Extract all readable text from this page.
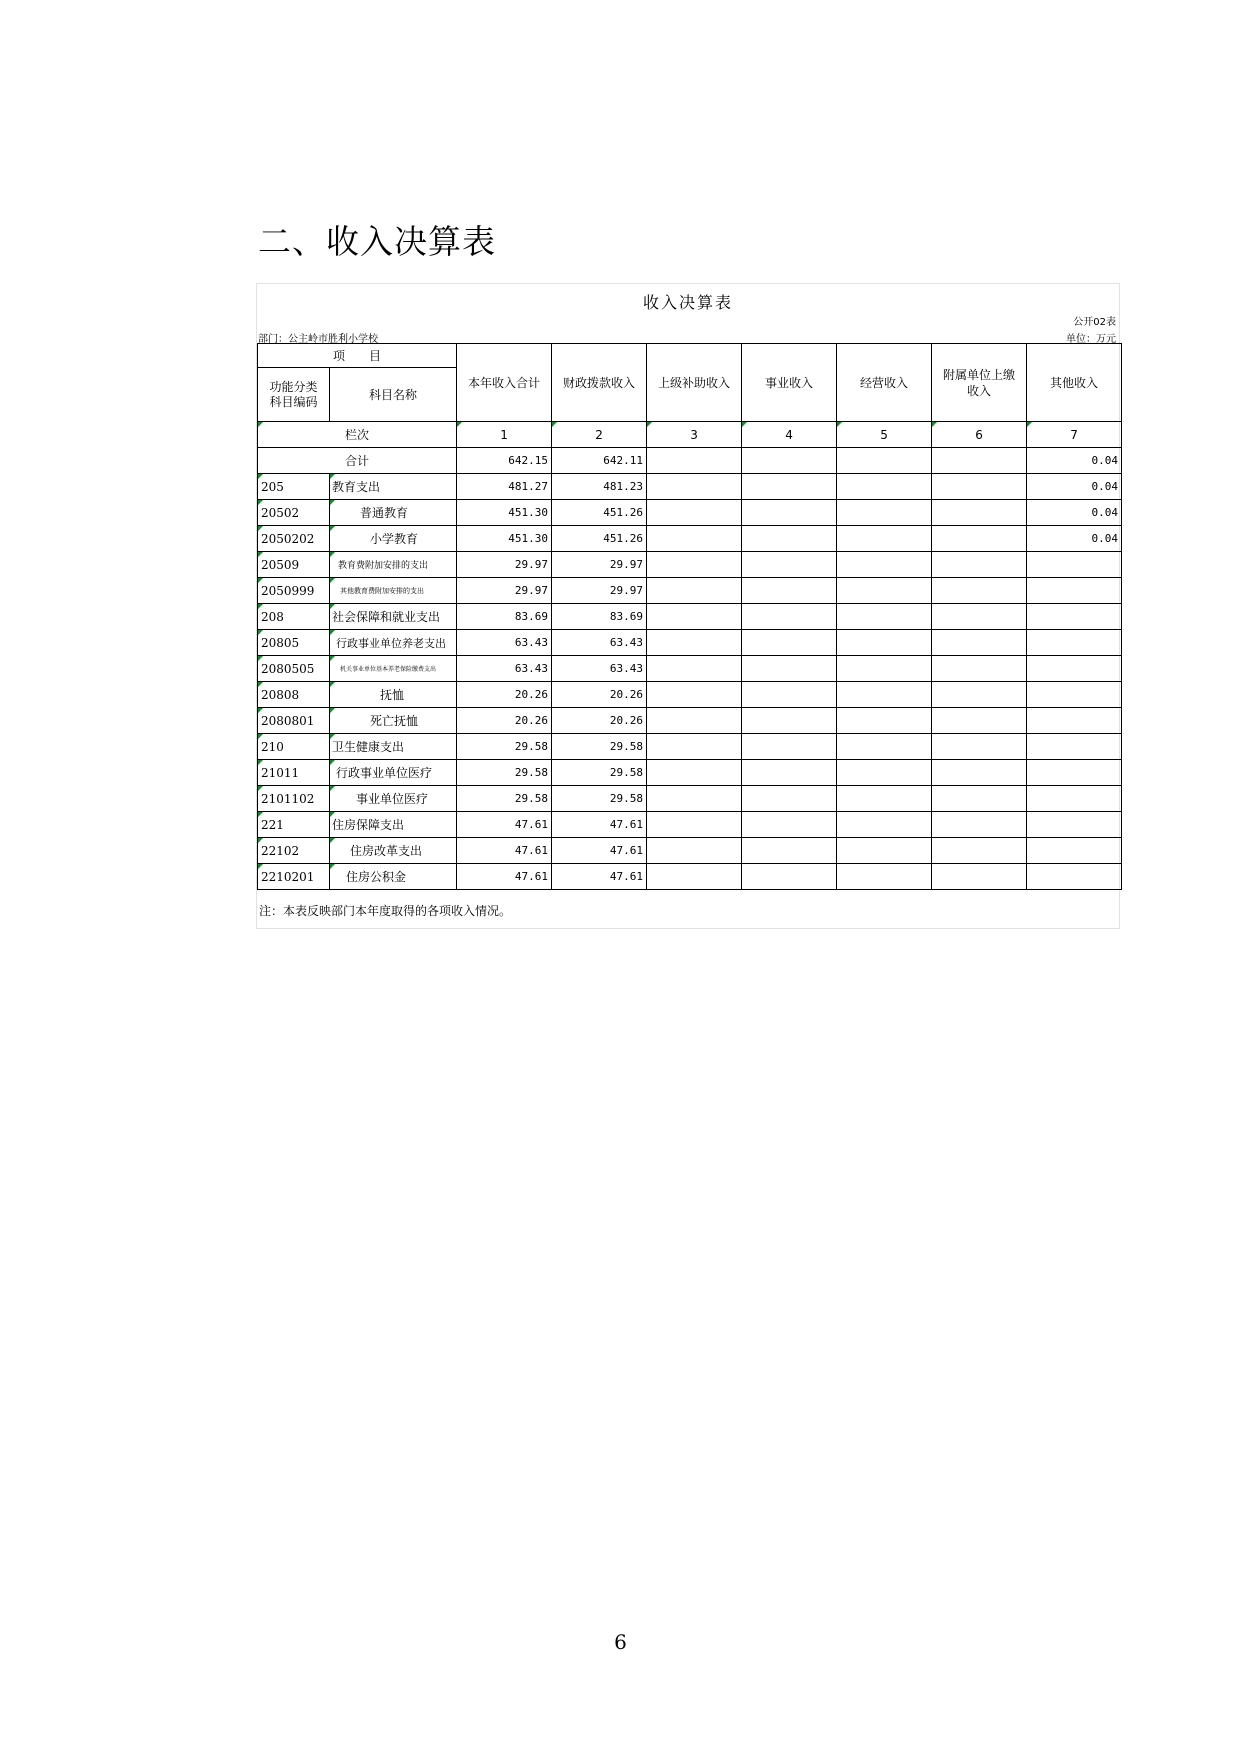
二、收入决算表
收入决算表
公开02表
部门：公主岭市胜利小学校	单位：万元
项　　目		本年收入合计	财政拨款收入	上级补助收入	事业收入	经营收入	附属单位上缴收入	其他收入
功能分类
科目编码	科目名称							
栏次		1	2	3	4	5	6	7
合计		642.15	642.11					0.04
205	教育支出	481.27	481.23					0.04
20502	普通教育	451.30	451.26					0.04
2050202	小学教育	451.30	451.26					0.04
20509	教育费附加安排的支出	29.97	29.97					
2050999	其他教育费附加安排的支出	29.97	29.97					
208	社会保障和就业支出	83.69	83.69					
20805	行政事业单位养老支出	63.43	63.43					
2080505	机关事业单位基本养老保险缴费支出	63.43	63.43					
20808	抚恤	20.26	20.26					
2080801	死亡抚恤	20.26	20.26					
210	卫生健康支出	29.58	29.58					
21011	行政事业单位医疗	29.58	29.58					
2101102	事业单位医疗	29.58	29.58					
221	住房保障支出	47.61	47.61					
22102	住房改革支出	47.61	47.61					
2210201	住房公积金	47.61	47.61					
注：本表反映部门本年度取得的各项收入情况。
6
